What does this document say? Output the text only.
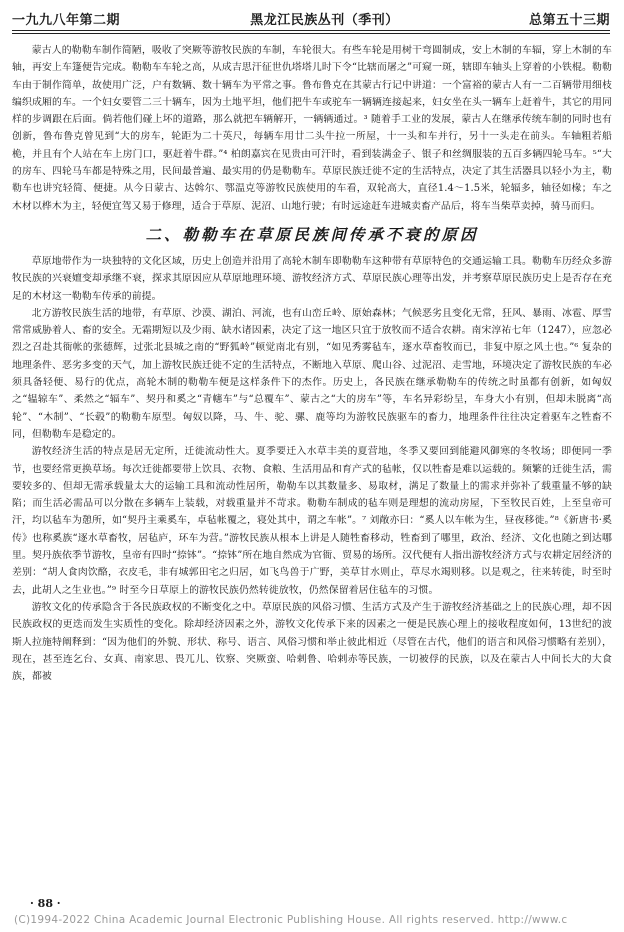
一九九八年第二期	黑龙江民族丛刊（季刊）	总第五十三期

蒙古人的勒勒车制作简陋，吸收了突厥等游牧民族的车制，车轮很大。有些车轮是用树干弯圆制成，安上木制的车辐，穿上木制的车轴，再安上车篷便告完成。勒勒车车轮之高，从成吉思汗征世仇塔塔儿时下令“比辖而屠之”可窥一斑，辖即车轴头上穿着的小铁棍。勒勒车由于制作简单，故使用广泛，户有数辆、数十辆车为平常之事。鲁布鲁克在其蒙古行记中讲道：一个富裕的蒙古人有一二百辆带用细枝编织成厢的车。一个妇女要管二三十辆车，因为土地平坦，他们把牛车或驼车一辆辆连接起来，妇女坐在头一辆车上赶着牛，其它的用同样的步调跟在后面。倘若他们碰上坏的道路，那么就把车辆解开，一辆辆通过。³ 随着手工业的发展，蒙古人在继承传统车制的同时也有创新，鲁布鲁克曾见到“大的房车，轮距为二十英尺，每辆车用廿二头牛拉一所屋，十一头和车并行，另十一头走在前头。车轴粗若船桅，并且有个人站在车上房门口，驱赶着牛群。”⁴ 柏朗嘉宾在见贵由可汗时，看到装满金子、银子和丝绸服装的五百多辆四轮马车。⁵“大的房车、四轮马车都是特殊之用，民间最普遍、最实用的仍是勒勒车。草原民族迁徙不定的生活特点，决定了其生活器具以轻小为主，勒勒车也讲究轻简、便捷。从今日蒙古、达斡尔、鄂温克等游牧民族使用的车看，双轮高大，直径1.4～1.5米，轮辐多，轴径如椽；车之木材以桦木为主，轻便宜驾又易于修理，适合于草原、泥沼、山地行驶；有时远途赶车进城卖畜产品后，将车当柴草卖掉，骑马而归。

二、勒勒车在草原民族间传承不衰的原因

草原地带作为一块独特的文化区域，历史上创造并沿用了高轮木制车即勒勒车这种带有草原特色的交通运输工具。勒勒车历经众多游牧民族的兴衰嬗变却承继不衰，探求其原因应从草原地理环境、游牧经济方式、草原民族心理等出发，并考察草原民族历史上是否存在充足的木材这一勒勒车传承的前提。

北方游牧民族生活的地带，有草原、沙漠、湖泊、河流，也有山峦丘岭、原始森林；气候恶劣且变化无常，狂风、暴雨、冰雹、厚雪常常威胁着人、畜的安全。无霜期短以及少雨、缺水诸因素，决定了这一地区只宜于放牧而不适合农耕。南宋淳祐七年（1247），应忽必烈之召赴其衙帐的张德辉，过张北县城之南的“野狐岭”顿觉南北有别，“如见秀雾毡车，逐水草畜牧而已，非复中原之风土也。”⁶ 复杂的地理条件、恶劣多变的天气，加上游牧民族迁徙不定的生活特点，不断地入草原、爬山谷、过泥沼、走雪地，环境决定了游牧民族的车必须具备轻便、易行的优点，高轮木制的勒勒车便是这样条件下的杰作。历史上，各民族在继承勒勒车的传统之时虽都有创新，如匈奴之“辒辌车”、柔然之“辐车”、契丹和奚之“青幰车”与“总覆车”、蒙古之“大的房车”等，车名异彩纷呈，车身大小有别，但却未脱离“高轮”、“木制”、“长毂”的勒勒车原型。匈奴以降，马、牛、驼、骡、鹿等均为游牧民族驱车的畜力，地理条件往往决定着驱车之牲畜不同，但勒勒车是稳定的。

游牧经济生活的特点是居无定所，迁徙流动性大。夏季要迁入水草丰美的夏营地，冬季又要回到能避风御寒的冬牧场；即便同一季节，也要经常更换草场。每次迁徙都要带上饮具、衣物、食粮、生活用品和育产式的毡帐，仅以牲畜是难以运载的。频繁的迁徙生活，需要较多的、但却无需承载量太大的运输工具和流动性居所，勒勒车以其数量多、易取材，满足了数量上的需求并弥补了载重量不够的缺陷；而生活必需品可以分散在多辆车上装载，对载重量并不苛求。勒勒车制成的毡车则是理想的流动房屋，下至牧民百姓，上至皇帝可汗，均以毡车为憩所，如“契丹主乘奚车，卓毡帐覆之，寝处其中，谓之车帐”。⁷ 刘敞亦曰：“奚人以车帐为生，昼夜移徙。”⁸《新唐书·奚传》也称奚族“逐水草畜牧，居毡庐，环车为营。”游牧民族从根本上讲是人随牲畜移动，牲畜到了哪里，政治、经济、文化也随之到达哪里。契丹族依季节游牧，皇帝有四时“捺钵”。“捺钵”所在地自然成为官衙、贸易的场所。汉代便有人指出游牧经济方式与农耕定居经济的差别：“胡人食肉饮酪，衣皮毛，非有城郭田宅之归居，如飞鸟兽于广野，美草甘水则止，草尽水竭则移。以是观之，往来转徙，时至时去，此胡人之生业也。”⁹ 时至今日草原上的游牧民族仍然转徙放牧，仍然保留着居住毡车的习惯。

游牧文化的传承隐含于各民族政权的不断变化之中。草原民族的风俗习惯、生活方式及产生于游牧经济基础之上的民族心理，却不因民族政权的更迭而发生实质性的变化。除却经济因素之外，游牧文化传承下来的因素之一便是民族心理上的接收程度如何，13世纪的波斯人拉施特阐释到：“因为他们的外貌、形状、称号、语言、风俗习惯和举止彼此相近（尽管在古代，他们的语言和风俗习惯略有差别），现在，甚至连乞台、女真、南家思、畏兀儿、钦察、突厥蛮、哈剌鲁、哈剌赤等民族，一切被俘的民族，以及在蒙古人中间长大的大食族，都被

· 88 ·
(C)1994-2022 China Academic Journal Electronic Publishing House. All rights reserved. http://www.c
